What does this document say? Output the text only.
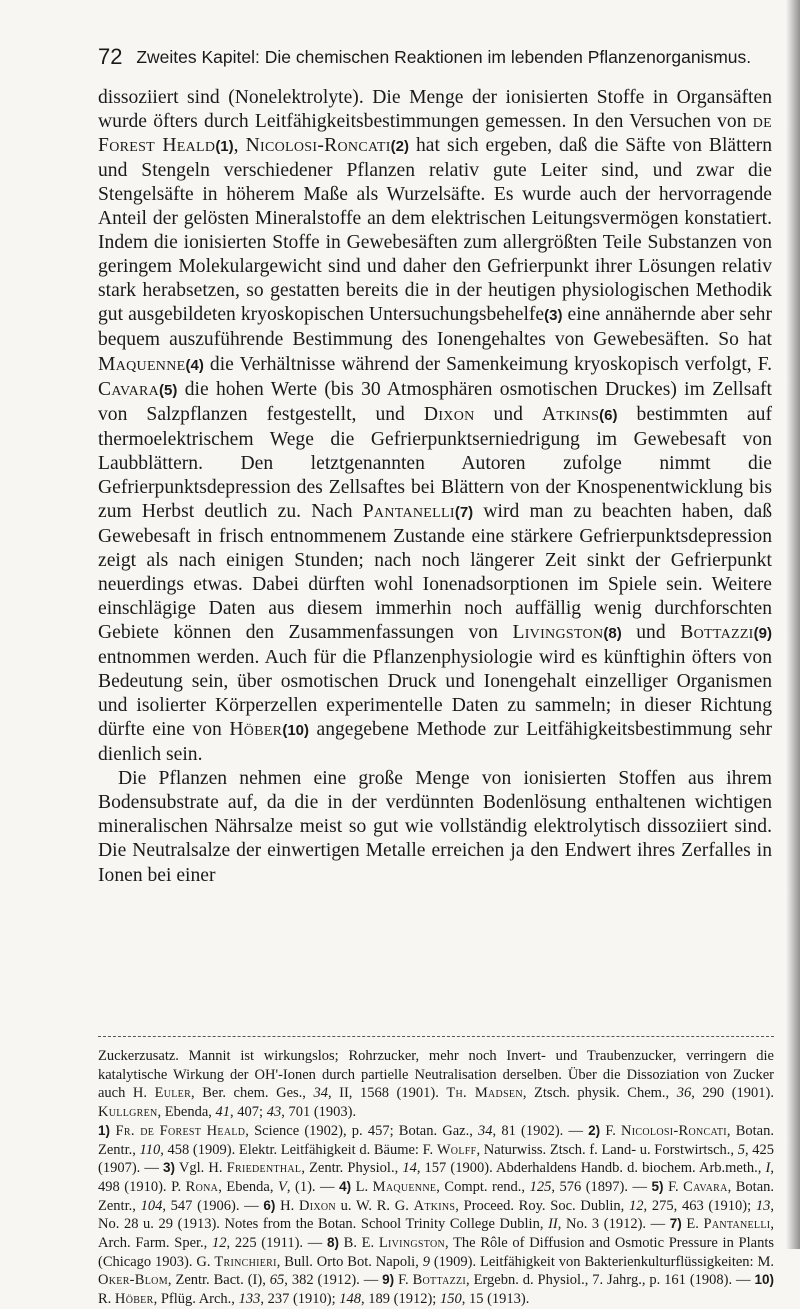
72 Zweites Kapitel: Die chemischen Reaktionen im lebenden Pflanzenorganismus.

dissoziiert sind (Nonelektrolyte). Die Menge der ionisierten Stoffe in Organsäften wurde öfters durch Leitfähigkeitsbestimmungen gemessen. In den Versuchen von de Forest Heald(1), Nicolosi-Roncati(2) hat sich ergeben, daß die Säfte von Blättern und Stengeln verschiedener Pflanzen relativ gute Leiter sind, und zwar die Stengelsäfte in höherem Maße als Wurzelsäfte. Es wurde auch der hervorragende Anteil der gelösten Mineralstoffe an dem elektrischen Leitungsvermögen konstatiert. Indem die ionisierten Stoffe in Gewebesäften zum allergrößten Teile Substanzen von geringem Molekulargewicht sind und daher den Gefrierpunkt ihrer Lösungen relativ stark herabsetzen, so gestatten bereits die in der heutigen physiologischen Methodik gut ausgebildeten kryoskopischen Untersuchungsbehelfe(3) eine annähernde aber sehr bequem auszuführende Bestimmung des Ionengehaltes von Gewebesäften. So hat Maquenne(4) die Verhältnisse während der Samenkeimung kryoskopisch verfolgt, F. Cavara(5) die hohen Werte (bis 30 Atmosphären osmotischen Druckes) im Zellsaft von Salzpflanzen festgestellt, und Dixon und Atkins(6) bestimmten auf thermoelektrischem Wege die Gefrierpunktserniedrigung im Gewebesaft von Laubblättern. Den letztgenannten Autoren zufolge nimmt die Gefrierpunktsdepression des Zellsaftes bei Blättern von der Knospenentwicklung bis zum Herbst deutlich zu. Nach Pantanelli(7) wird man zu beachten haben, daß Gewebesaft in frisch entnommenem Zustande eine stärkere Gefrierpunktsdepression zeigt als nach einigen Stunden; nach noch längerer Zeit sinkt der Gefrierpunkt neuerdings etwas. Dabei dürften wohl Ionenadsorptionen im Spiele sein. Weitere einschlägige Daten aus diesem immerhin noch auffällig wenig durchforschten Gebiete können den Zusammenfassungen von Livingston(8) und Bottazzi(9) entnommen werden. Auch für die Pflanzenphysiologie wird es künftighin öfters von Bedeutung sein, über osmotischen Druck und Ionengehalt einzelliger Organismen und isolierter Körperzellen experimentelle Daten zu sammeln; in dieser Richtung dürfte eine von Höber(10) angegebene Methode zur Leitfähigkeitsbestimmung sehr dienlich sein.

Die Pflanzen nehmen eine große Menge von ionisierten Stoffen aus ihrem Bodensubstrate auf, da die in der verdünnten Bodenlösung enthaltenen wichtigen mineralischen Nährsalze meist so gut wie vollständig elektrolytisch dissoziiert sind. Die Neutralsalze der einwertigen Metalle erreichen ja den Endwert ihres Zerfalles in Ionen bei einer

Zuckerzusatz. Mannit ist wirkungslos; Rohrzucker, mehr noch Invert- und Traubenzucker, verringern die katalytische Wirkung der OH'-Ionen durch partielle Neutralisation derselben. Über die Dissoziation von Zucker auch H. Euler, Ber. chem. Ges., 34, II, 1568 (1901). Th. Madsen, Ztsch. physik. Chem., 36, 290 (1901). Kullgren, Ebenda, 41, 407; 43, 701 (1903).

1) Fr. de Forest Heald, Science (1902), p. 457; Botan. Gaz., 34, 81 (1902). — 2) F. Nicolosi-Roncati, Botan. Zentr., 110, 458 (1909). Elektr. Leitfähigkeit d. Bäume: F. Wolff, Naturwiss. Ztsch. f. Land- u. Forstwirtsch., 5, 425 (1907). — 3) Vgl. H. Friedenthal, Zentr. Physiol., 14, 157 (1900). Abderhaldens Handb. d. biochem. Arb.meth., I, 498 (1910). P. Rona, Ebenda, V, (1). — 4) L. Maquenne, Compt. rend., 125, 576 (1897). — 5) F. Cavara, Botan. Zentr., 104, 547 (1906). — 6) H. Dixon u. W. R. G. Atkins, Proceed. Roy. Soc. Dublin, 12, 275, 463 (1910); 13, No. 28 u. 29 (1913). Notes from the Botan. School Trinity College Dublin, II, No. 3 (1912). — 7) E. Pantanelli, Arch. Farm. Sper., 12, 225 (1911). — 8) B. E. Livingston, The Rôle of Diffusion and Osmotic Pressure in Plants (Chicago 1903). G. Trinchieri, Bull. Orto Bot. Napoli, 9 (1909). Leitfähigkeit von Bakterienkulturflüssigkeiten: M. Oker-Blom, Zentr. Bact. (I), 65, 382 (1912). — 9) F. Bottazzi, Ergebn. d. Physiol., 7. Jahrg., p. 161 (1908). — 10) R. Höber, Pflüg. Arch., 133, 237 (1910); 148, 189 (1912); 150, 15 (1913).
